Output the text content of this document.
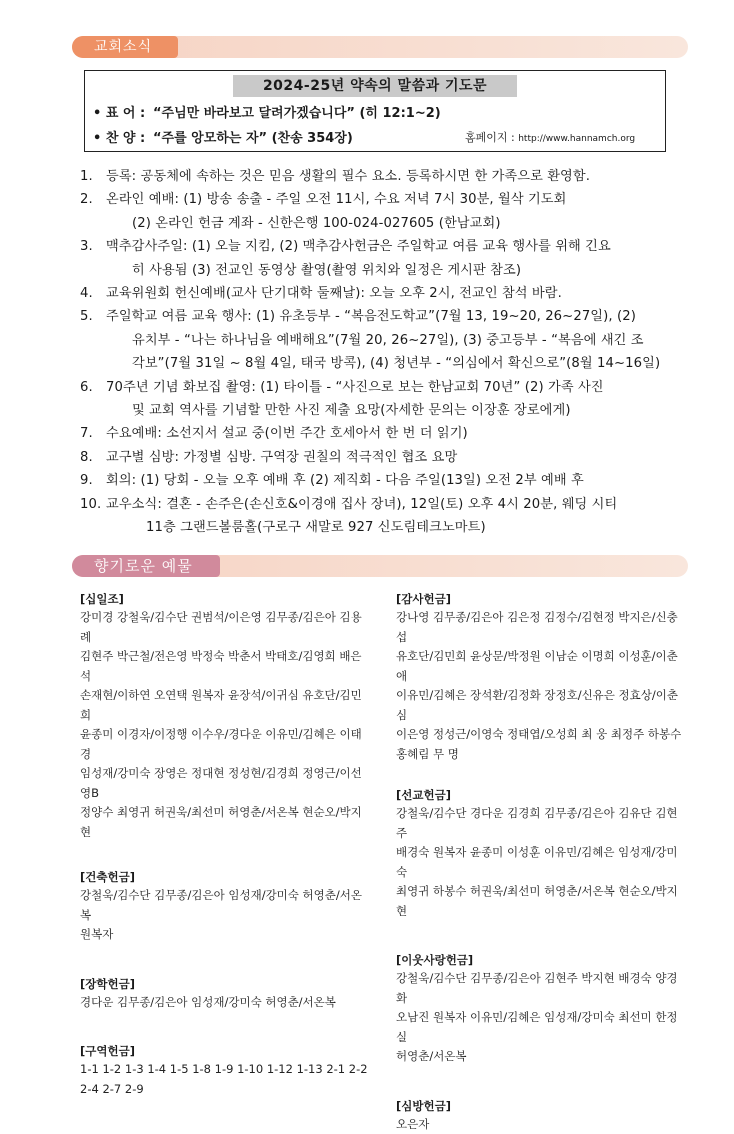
교회소식
2024-25년 약속의 말씀과 기도문
• 표 어 : “주님만 바라보고 달려가겠습니다” (히 12:1~2)
• 찬 양 : “주를 앙모하는 자” (찬송 354장)	홈페이지 : http://www.hannamch.org
1. 등록: 공동체에 속하는 것은 믿음 생활의 필수 요소. 등록하시면 한 가족으로 환영함.
2. 온라인 예배: (1) 방송 송출 - 주일 오전 11시, 수요 저녁 7시 30분, 월삭 기도회
(2) 온라인 헌금 계좌 - 신한은행 100-024-027605 (한남교회)
3. 맥추감사주일: (1) 오늘 지킴, (2) 맥추감사헌금은 주일학교 여름 교육 행사를 위해 긴요
히 사용됨 (3) 전교인 동영상 촬영(촬영 위치와 일정은 게시판 참조)
4. 교육위원회 헌신예배(교사 단기대학 둘째날): 오늘 오후 2시, 전교인 참석 바람.
5. 주일학교 여름 교육 행사: (1) 유초등부 - “복음전도학교”(7월 13, 19~20, 26~27일), (2)
유치부 - “나는 하나님을 예배해요”(7월 20, 26~27일), (3) 중고등부 - “복음에 새긴 조
각보”(7월 31일 ~ 8월 4일, 태국 방콕), (4) 청년부 - “의심에서 확신으로”(8월 14~16일)
6. 70주년 기념 화보집 촬영: (1) 타이틀 - “사진으로 보는 한남교회 70년” (2) 가족 사진
및 교회 역사를 기념할 만한 사진 제출 요망(자세한 문의는 이장훈 장로에게)
7. 수요예배: 소선지서 설교 중(이번 주간 호세아서 한 번 더 읽기)
8. 교구별 심방: 가정별 심방. 구역장 권칠의 적극적인 협조 요망
9. 회의: (1) 당회 - 오늘 오후 예배 후 (2) 제직회 - 다음 주일(13일) 오전 2부 예배 후
10. 교우소식: 결혼 - 손주은(손신호&이경애 집사 장녀), 12일(토) 오후 4시 20분, 웨딩 시티
11층 그랜드볼룸홀(구로구 새말로 927 신도림테크노마트)
향기로운 예물
[십일조]
강미경 강철욱/김수단 권범석/이은영 김무종/김은아 김용례
김현주 박근철/전은영 박정숙 박춘서 박태호/김영희 배은석
손재현/이하연 오연택 원복자 윤장석/이귀심 유호단/김민희
윤종미 이경자/이정행 이수우/경다운 이유민/김혜은 이태경
임성재/강미숙 장영은 정대현 정성현/김경희 정영근/이선영B
정양수 최영귀 허권욱/최선미 허영춘/서온복 현순오/박지현
[건축헌금]
강철욱/김수단 김무종/김은아 임성재/강미숙 허영춘/서온복
원복자
[장학헌금]
경다운 김무종/김은아 임성재/강미숙 허영춘/서온복
[구역헌금]
1-1 1-2 1-3 1-4 1-5 1-8 1-9 1-10 1-12 1-13 2-1 2-2
2-4 2-7 2-9
[감사헌금]
강나영 김무종/김은아 김은정 김정수/김현정 박지은/신충섭
유호단/김민희 윤상문/박정원 이남순 이명희 이성훈/이춘애
이유민/김혜은 장석환/김정화 장정호/신유은 정효상/이춘심
이은영 정성근/이영숙 정태엽/오성희 최 웅 최정주 하봉수
홍혜림 무 명
[선교헌금]
강철욱/김수단 경다운 김경희 김무종/김은아 김유단 김현주
배경숙 원복자 윤종미 이성훈 이유민/김혜은 임성재/강미숙
최영귀 하봉수 허권욱/최선미 허영춘/서온복 현순오/박지현
[이웃사랑헌금]
강철욱/김수단 김무종/김은아 김현주 박지현 배경숙 양경화
오남진 원복자 이유민/김혜은 임성재/강미숙 최선미 한정실
허영춘/서온복
[심방헌금]
오은자
